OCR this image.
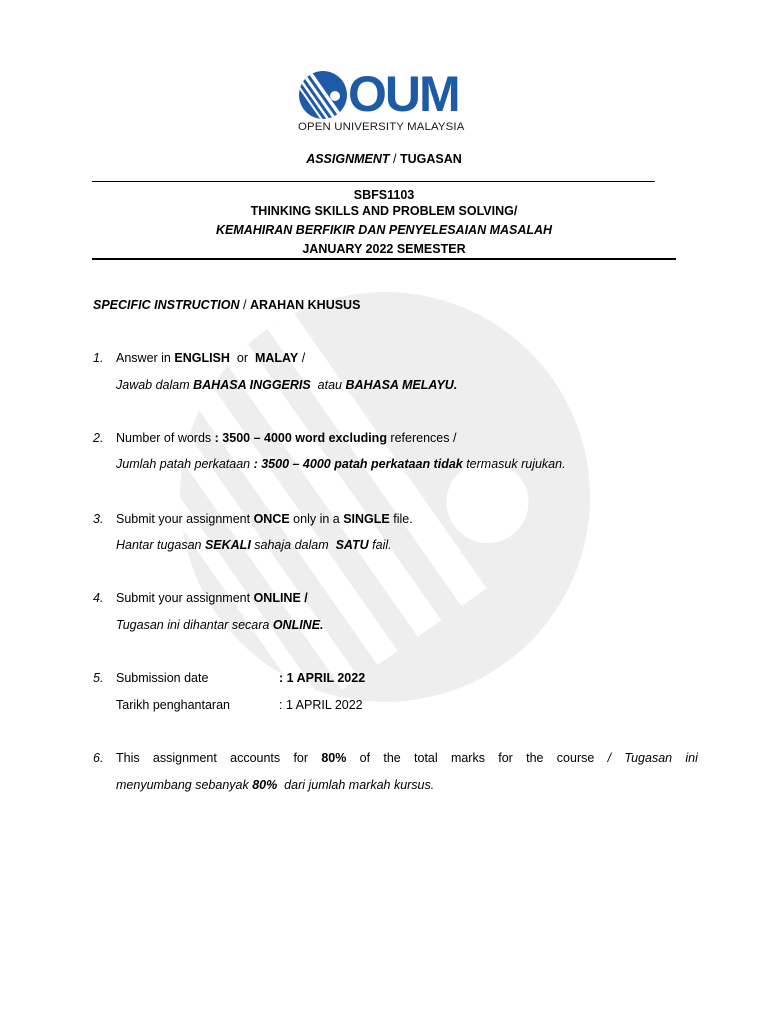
OUM
OPEN UNIVERSITY MALAYSIA
ASSIGNMENT / TUGASAN
SBFS1103
THINKING SKILLS AND PROBLEM SOLVING/
KEMAHIRAN BERFIKIR DAN PENYELESAIAN MASALAH
JANUARY 2022 SEMESTER
SPECIFIC INSTRUCTION / ARAHAN KHUSUS
1. Answer in ENGLISH  or  MALAY /
Jawab dalam BAHASA INGGERIS  atau BAHASA MELAYU.
2. Number of words : 3500 – 4000 word excluding references /
Jumlah patah perkataan : 3500 – 4000 patah perkataan tidak termasuk rujukan.
3. Submit your assignment ONCE only in a SINGLE file.
Hantar tugasan SEKALI sahaja dalam  SATU fail.
4. Submit your assignment ONLINE /
Tugasan ini dihantar secara ONLINE.
5. Submission date	: 1 APRIL 2022
Tarikh penghantaran	: 1 APRIL 2022
6. This assignment accounts for 80% of the total marks for the course / Tugasan ini
menyumbang sebanyak 80%  dari jumlah markah kursus.
